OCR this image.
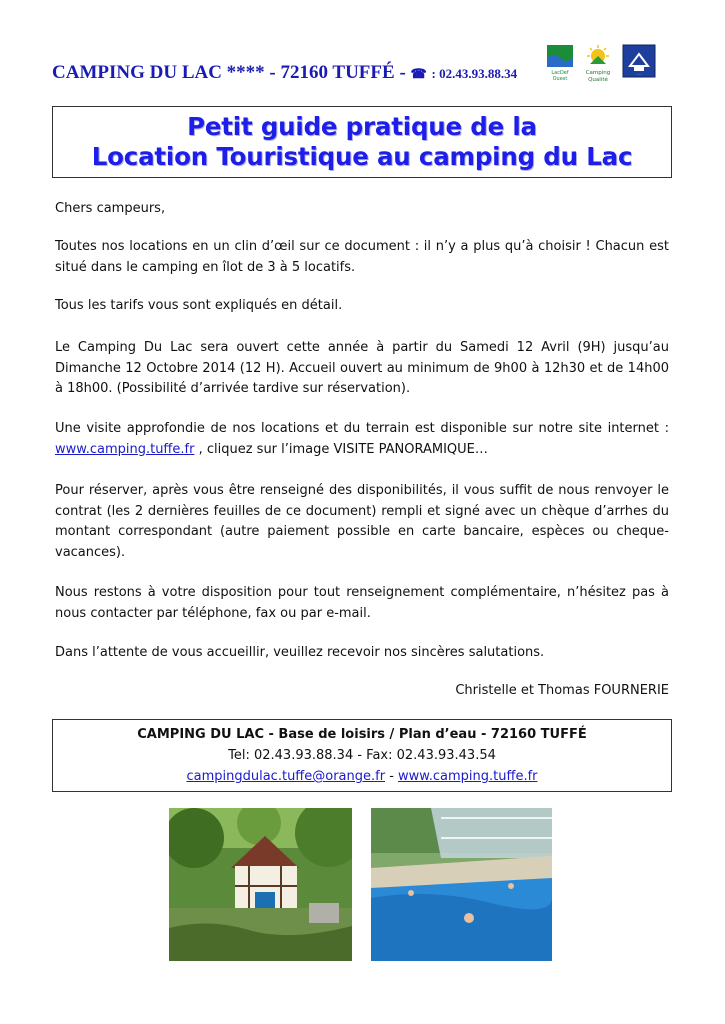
CAMPING DU LAC **** - 72160 TUFFÉ - ☎ : 02.43.93.88.34	LacDef
Ouest
Camping
Qualité
·····
Petit guide pratique de la
Location Touristique au camping du Lac

Chers campeurs,

Toutes nos locations en un clin d’œil sur ce document : il n’y a plus qu’à choisir ! Chacun est situé dans le camping en îlot de 3 à 5 locatifs.

Tous les tarifs vous sont expliqués en détail.

Le Camping Du Lac sera ouvert cette année à partir du Samedi 12 Avril (9H) jusqu’au Dimanche 12 Octobre 2014 (12 H). Accueil ouvert au minimum de 9h00 à 12h30 et de 14h00 à 18h00. (Possibilité d’arrivée tardive sur réservation).

Une visite approfondie de nos locations et du terrain est disponible sur notre site internet : www.camping.tuffe.fr , cliquez sur l’image VISITE PANORAMIQUE…

Pour réserver, après vous être renseigné des disponibilités, il vous suffit de nous renvoyer le contrat (les 2 dernières feuilles de ce document) rempli et signé avec un chèque d’arrhes du montant correspondant (autre paiement possible en carte bancaire, espèces ou cheque-vacances).

Nous restons à votre disposition pour tout renseignement complémentaire, n’hésitez pas à nous contacter par téléphone, fax ou par e-mail.

Dans l’attente de vous accueillir, veuillez recevoir nos sincères salutations.

Christelle et Thomas FOURNERIE
CAMPING DU LAC - Base de loisirs / Plan d’eau - 72160 TUFFÉ
Tel: 02.43.93.88.34 - Fax: 02.43.93.43.54
campingdulac.tuffe@orange.fr - www.camping.tuffe.fr
